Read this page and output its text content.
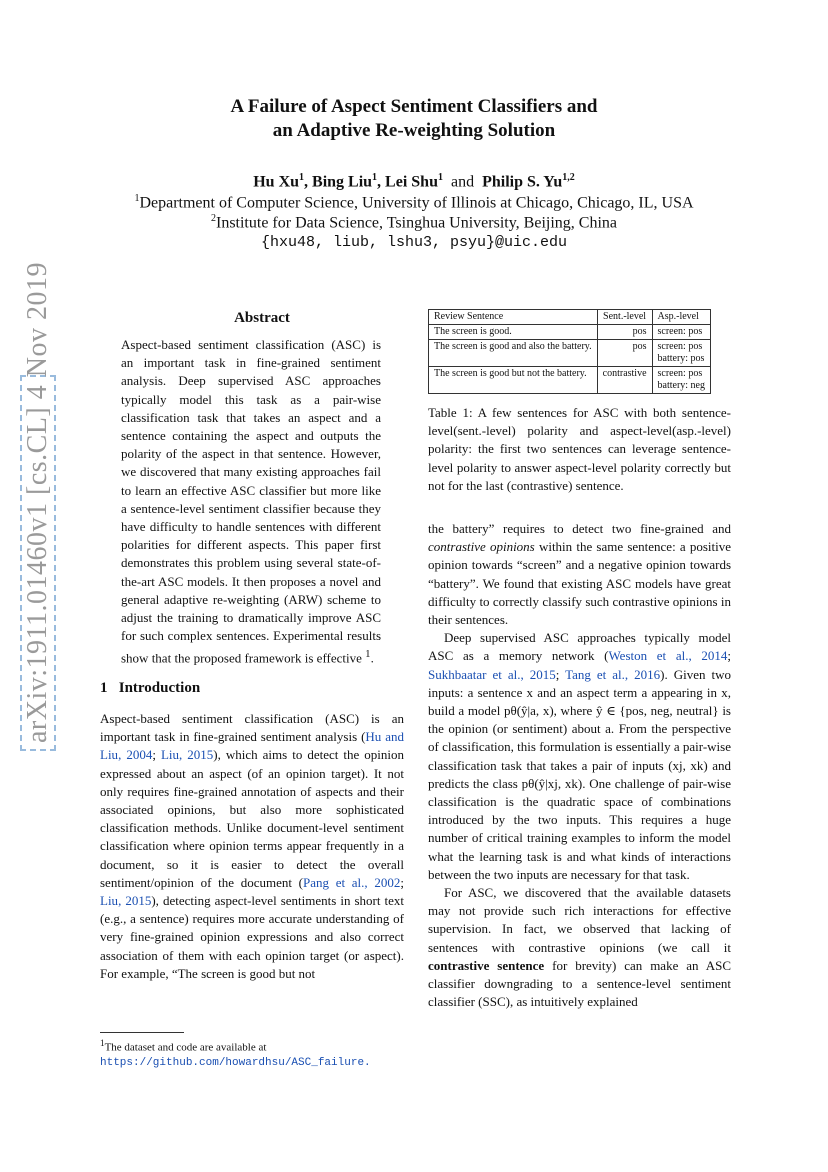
arXiv:1911.01460v1 [cs.CL] 4 Nov 2019
A Failure of Aspect Sentiment Classifiers and
an Adaptive Re-weighting Solution
Hu Xu$^1$, Bing Liu$^1$, Lei Shu$^1$ and Philip S. Yu$^{1,2}$
$^1$Department of Computer Science, University of Illinois at Chicago, Chicago, IL, USA
$^2$Institute for Data Science, Tsinghua University, Beijing, China
{hxu48, liub, lshu3, psyu}@uic.edu
Abstract

Aspect-based sentiment classification (ASC) is an important task in fine-grained sentiment analysis. Deep supervised ASC approaches typically model this task as a pair-wise classification task that takes an aspect and a sentence containing the aspect and outputs the polarity of the aspect in that sentence. However, we discovered that many existing approaches fail to learn an effective ASC classifier but more like a sentence-level sentiment classifier because they have difficulty to handle sentences with different polarities for different aspects. This paper first demonstrates this problem using several state-of-the-art ASC models. It then proposes a novel and general adaptive re-weighting (ARW) scheme to adjust the training to dramatically improve ASC for such complex sentences. Experimental results show that the proposed framework is effective $^1$.

1 Introduction

Aspect-based sentiment classification (ASC) is an important task in fine-grained sentiment analysis (Hu and Liu, 2004; Liu, 2015), which aims to detect the opinion expressed about an aspect (of an opinion target). It not only requires fine-grained annotation of aspects and their associated opinions, but also more sophisticated classification methods. Unlike document-level sentiment classification where opinion terms appear frequently in a document, so it is easier to detect the overall sentiment/opinion of the document (Pang et al., 2002; Liu, 2015), detecting aspect-level sentiments in short text (e.g., a sentence) requires more accurate understanding of very fine-grained opinion expressions and also correct association of them with each opinion target (or aspect). For example, “The screen is good but not

$^1$The dataset and code are available at
https://github.com/howardhsu/ASC_failure.
Review Sentence	Sent.-level	Asp.-level
The screen is good.	pos	screen: pos
The screen is good and also the battery.	pos	screen: pos
battery: pos

The screen is good but not the battery.	contrastive	screen: pos
battery: neg
Table 1: A few sentences for ASC with both sentence-level(sent.-level) polarity and aspect-level(asp.-level) polarity: the first two sentences can leverage sentence-level polarity to answer aspect-level polarity correctly but not for the last (contrastive) sentence.

the battery” requires to detect two fine-grained and contrastive opinions within the same sentence: a positive opinion towards “screen” and a negative opinion towards “battery”. We found that existing ASC models have great difficulty to correctly classify such contrastive opinions in their sentences.

Deep supervised ASC approaches typically model ASC as a memory network (Weston et al., 2014; Sukhbaatar et al., 2015; Tang et al., 2016). Given two inputs: a sentence x and an aspect term a appearing in x, build a model pθ(ŷ|a, x), where ŷ ∈ {pos, neg, neutral} is the opinion (or sentiment) about a. From the perspective of classification, this formulation is essentially a pair-wise classification task that takes a pair of inputs (xj, xk) and predicts the class pθ(ŷ|xj, xk). One challenge of pair-wise classification is the quadratic space of combinations introduced by the two inputs. This requires a huge number of critical training examples to inform the model what the learning task is and what kinds of interactions between the two inputs are necessary for that task.

For ASC, we discovered that the available datasets may not provide such rich interactions for effective supervision. In fact, we observed that lacking of sentences with contrastive opinions (we call it contrastive sentence for brevity) can make an ASC classifier downgrading to a sentence-level sentiment classifier (SSC), as intuitively explained
